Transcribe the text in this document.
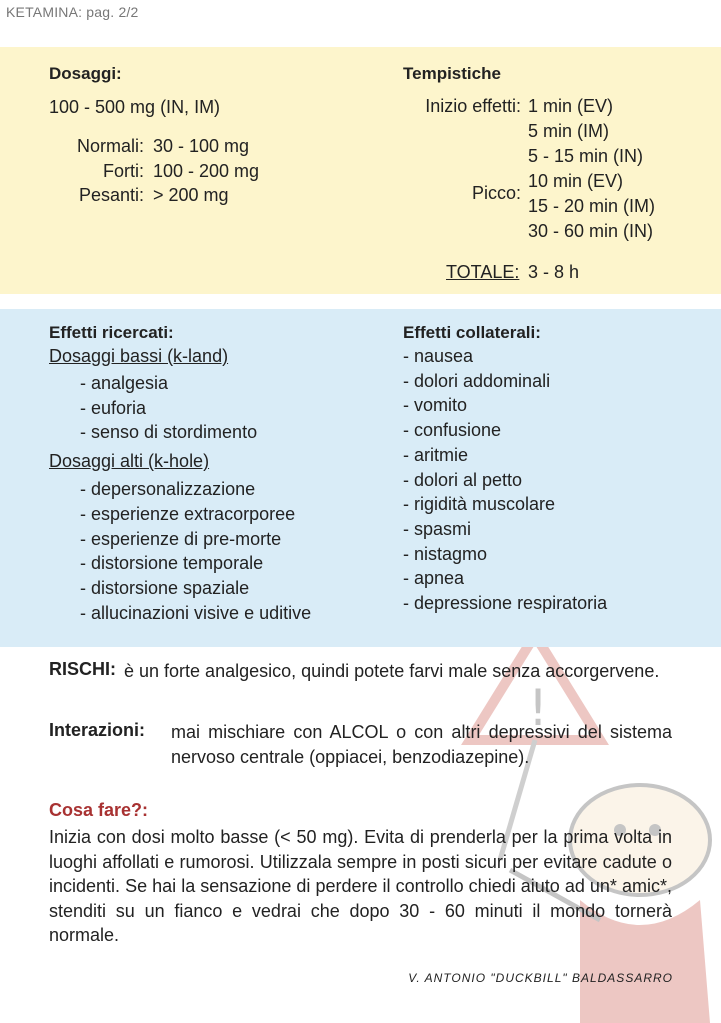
KETAMINA: pag. 2/2
!
Dosaggi:
100 - 500 mg (IN, IM)
Normali: 30 - 100 mg
Forti: 100 - 200 mg
Pesanti: > 200 mg
Tempistiche
Inizio effetti: 1 min (EV)
5 min (IM)
5 - 15 min (IN)
Picco:
10 min (EV)
15 - 20 min (IM)
30 - 60 min (IN)
TOTALE: 3 - 8 h
Effetti ricercati:
Dosaggi bassi (k-land)
- analgesia
- euforia
- senso di stordimento
Dosaggi alti (k-hole)
- depersonalizzazione
- esperienze extracorporee
- esperienze di pre-morte
- distorsione temporale
- distorsione spaziale
- allucinazioni visive e uditive
Effetti collaterali:
- nausea
- dolori addominali
- vomito
- confusione
- aritmie
- dolori al petto
- rigidità muscolare
- spasmi
- nistagmo
- apnea
- depressione respiratoria
RISCHI: è un forte analgesico, quindi potete farvi male senza accorgervene.
Interazioni: mai mischiare con ALCOL o con altri depressivi del sistema nervoso centrale (oppiacei, benzodiazepine).
Cosa fare?:
Inizia con dosi molto basse (< 50 mg). Evita di prenderla per la prima volta in luoghi affollati e rumorosi. Utilizzala sempre in posti sicuri per evitare cadute o incidenti. Se hai la sensazione di perdere il controllo chiedi aiuto ad un* amic*, stenditi su un fianco e vedrai che dopo 30 - 60 minuti il mondo tornerà normale.
V. ANTONIO "DUCKBILL" BALDASSARRO
